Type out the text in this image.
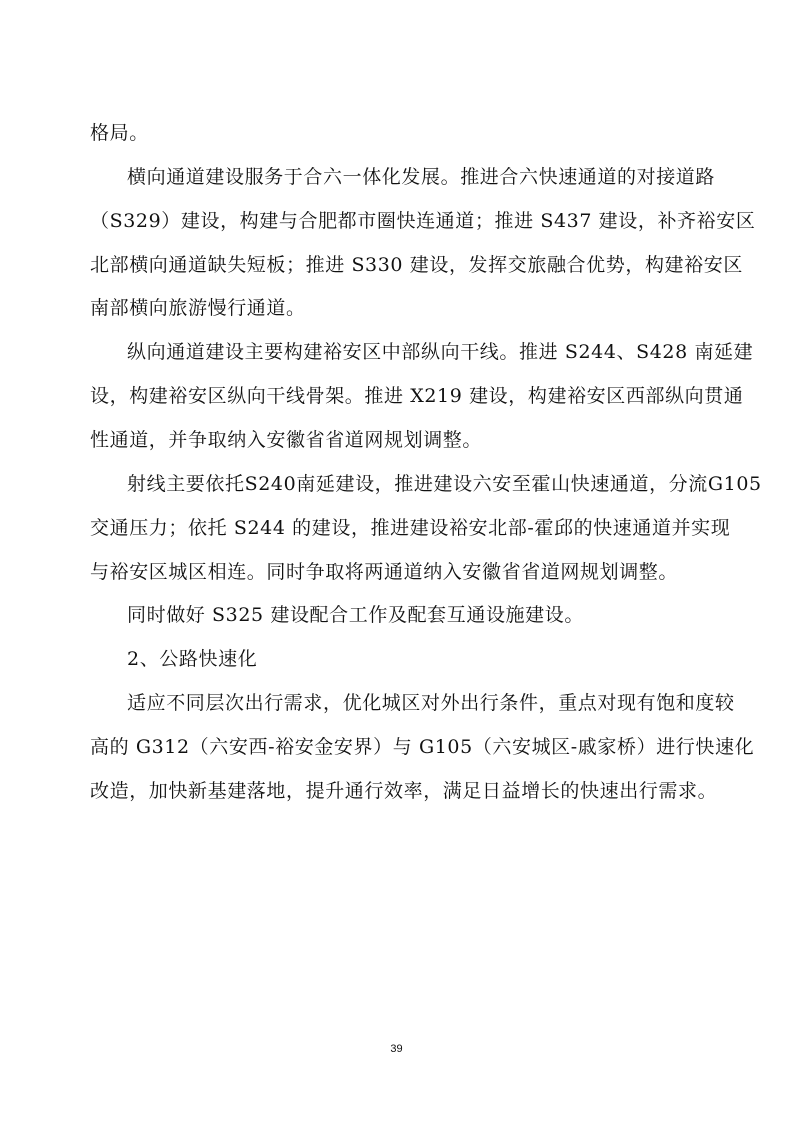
格局。
横向通道建设服务于合六一体化发展。推进合六快速通道的对接道路
（S329）建设，构建与合肥都市圈快连通道；推进 S437 建设，补齐裕安区
北部横向通道缺失短板；推进 S330 建设，发挥交旅融合优势，构建裕安区
南部横向旅游慢行通道。
纵向通道建设主要构建裕安区中部纵向干线。推进 S244、S428 南延建
设，构建裕安区纵向干线骨架。推进 X219 建设，构建裕安区西部纵向贯通
性通道，并争取纳入安徽省省道网规划调整。
射线主要依托S240南延建设，推进建设六安至霍山快速通道，分流G105
交通压力；依托 S244 的建设，推进建设裕安北部-霍邱的快速通道并实现
与裕安区城区相连。同时争取将两通道纳入安徽省省道网规划调整。
同时做好 S325 建设配合工作及配套互通设施建设。
2、公路快速化
适应不同层次出行需求，优化城区对外出行条件，重点对现有饱和度较
高的 G312（六安西-裕安金安界）与 G105（六安城区-戚家桥）进行快速化
改造，加快新基建落地，提升通行效率，满足日益增长的快速出行需求。
39
